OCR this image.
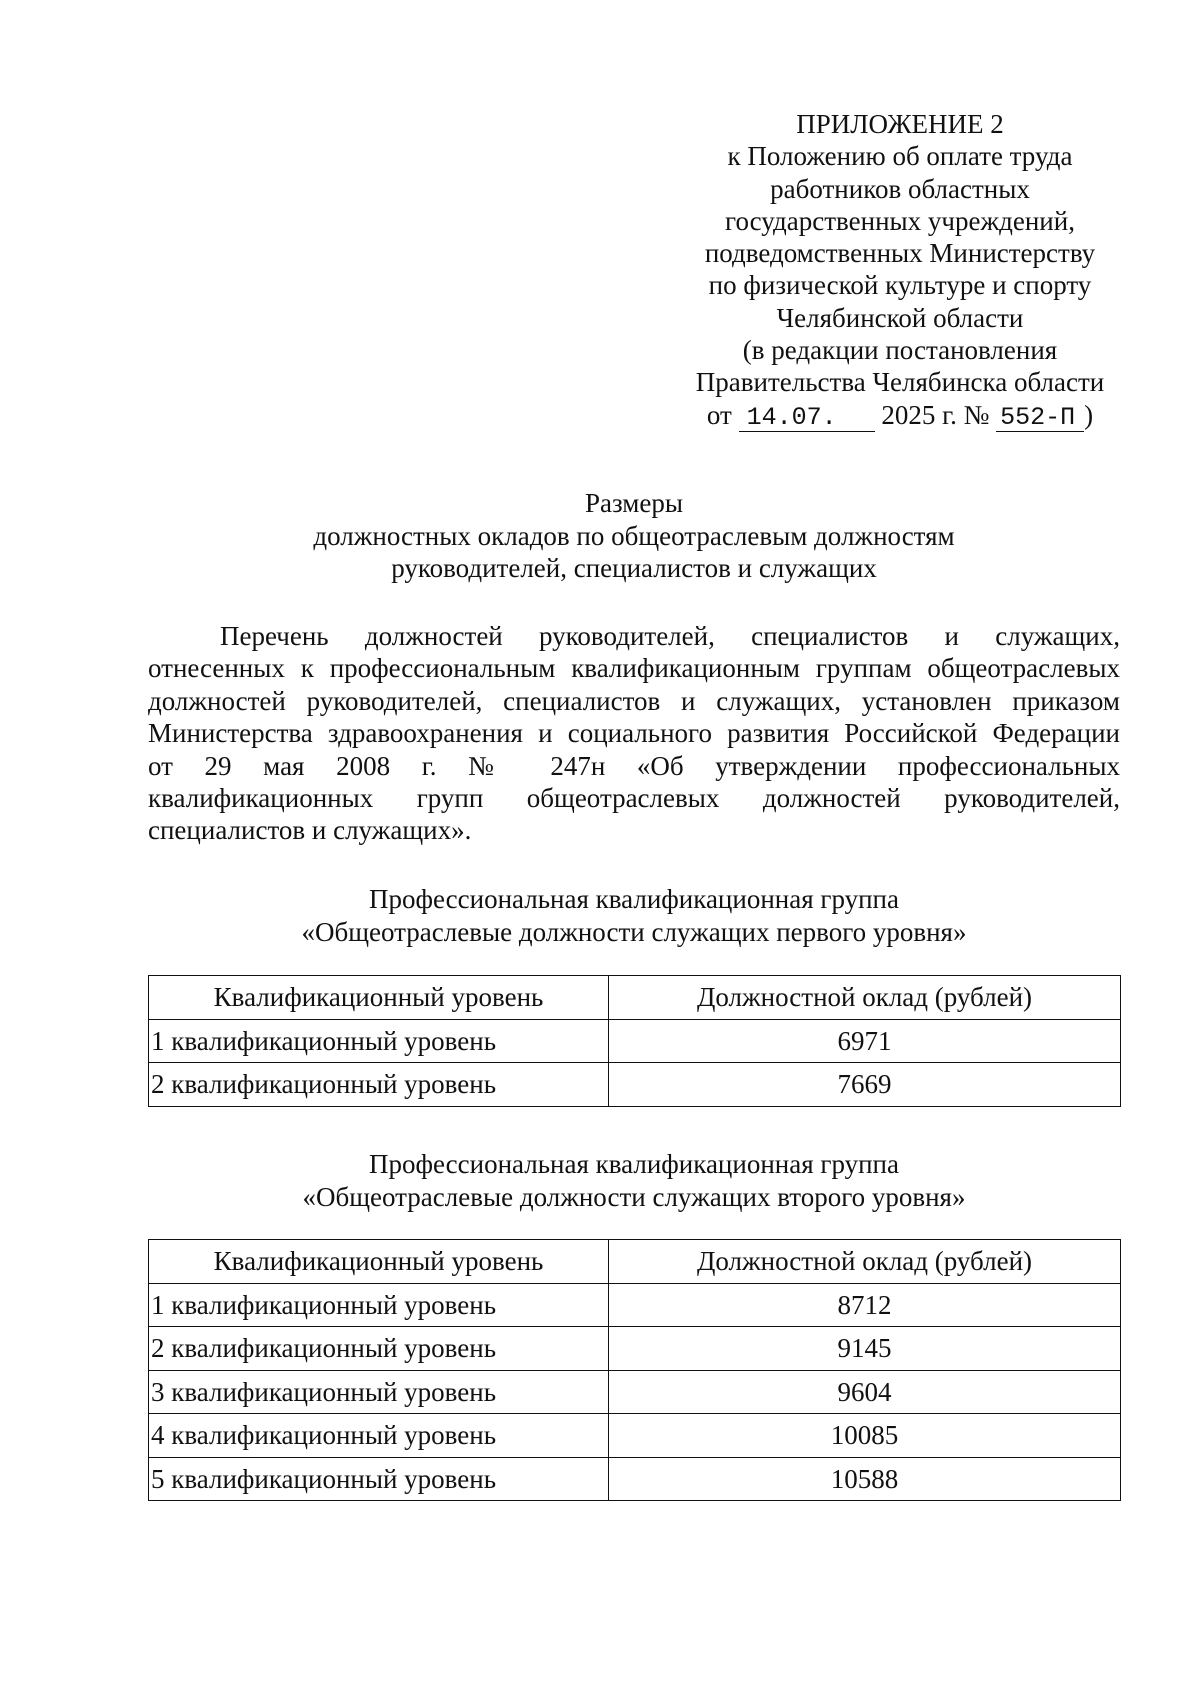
ПРИЛОЖЕНИЕ 2
к Положению об оплате труда
работников областных
государственных учреждений,
подведомственных Министерству
по физической культуре и спорту
Челябинской области
(в редакции постановления
Правительства Челябинска области
от 14.07. 2025 г. № 552-П )
Размеры
должностных окладов по общеотраслевым должностям
руководителей, специалистов и служащих
Перечень должностей руководителей, специалистов и служащих,
отнесенных к профессиональным квалификационным группам общеотраслевых
должностей руководителей, специалистов и служащих, установлен приказом
Министерства здравоохранения и социального развития Российской Федерации
от 29 мая 2008 г. № 247н «Об утверждении профессиональных
квалификационных групп общеотраслевых должностей руководителей,
специалистов и служащих».
Профессиональная квалификационная группа
«Общеотраслевые должности служащих первого уровня»
Квалификационный уровень	Должностной оклад (рублей)
1 квалификационный уровень	6971
2 квалификационный уровень	7669
Профессиональная квалификационная группа
«Общеотраслевые должности служащих второго уровня»
Квалификационный уровень	Должностной оклад (рублей)
1 квалификационный уровень	8712
2 квалификационный уровень	9145
3 квалификационный уровень	9604
4 квалификационный уровень	10085
5 квалификационный уровень	10588
